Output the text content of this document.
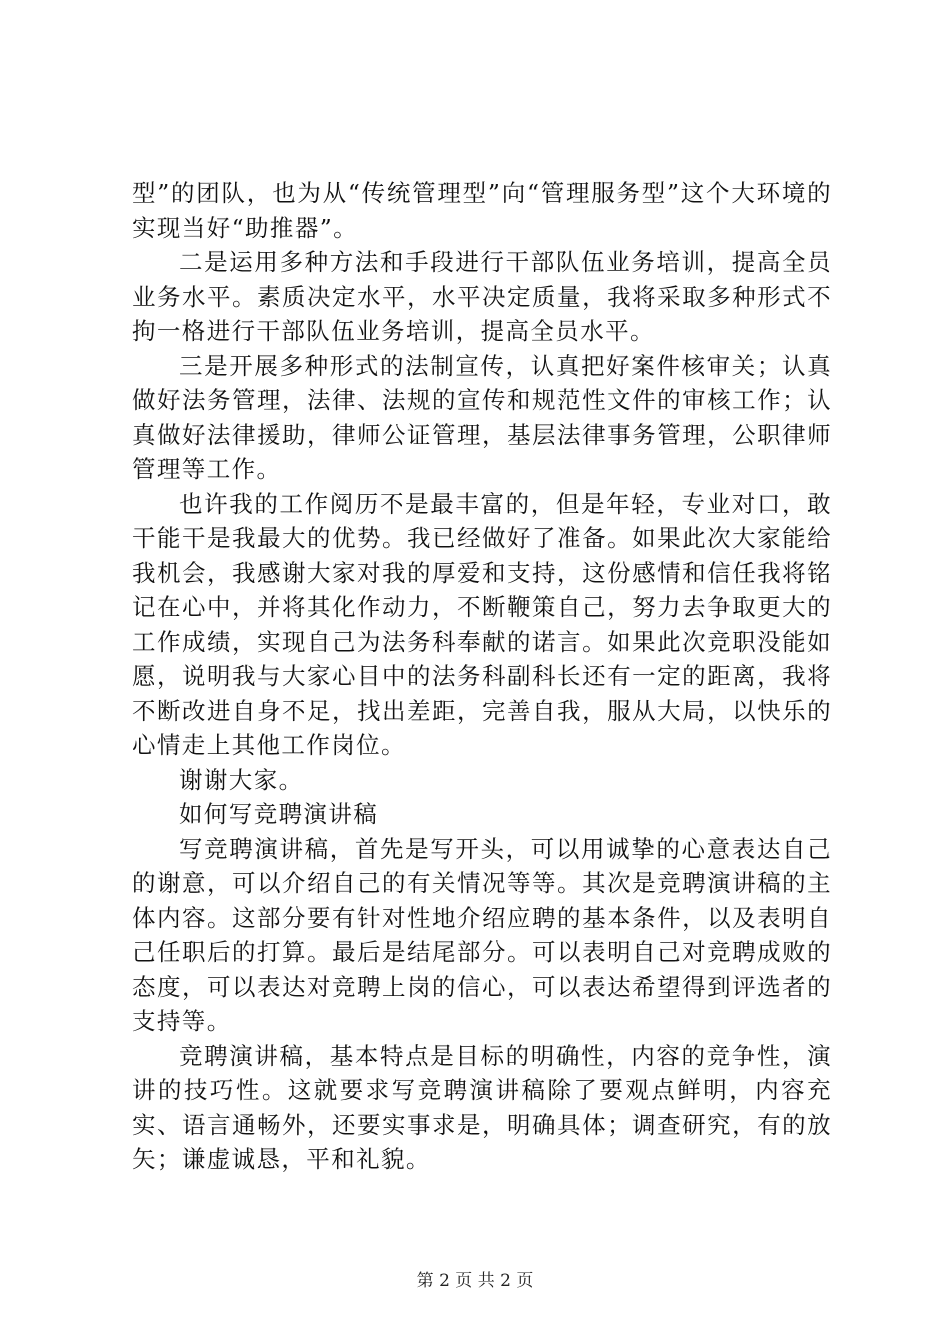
型”的团队，也为从“传统管理型”向“管理服务型”这个大环境的实现当好“助推器”。

二是运用多种方法和手段进行干部队伍业务培训，提高全员业务水平。素质决定水平，水平决定质量，我将采取多种形式不拘一格进行干部队伍业务培训，提高全员水平。

三是开展多种形式的法制宣传，认真把好案件核审关；认真做好法务管理，法律、法规的宣传和规范性文件的审核工作；认真做好法律援助，律师公证管理，基层法律事务管理，公职律师管理等工作。

也许我的工作阅历不是最丰富的，但是年轻，专业对口，敢干能干是我最大的优势。我已经做好了准备。如果此次大家能给我机会，我感谢大家对我的厚爱和支持，这份感情和信任我将铭记在心中，并将其化作动力，不断鞭策自己，努力去争取更大的工作成绩，实现自己为法务科奉献的诺言。如果此次竞职没能如愿，说明我与大家心目中的法务科副科长还有一定的距离，我将不断改进自身不足，找出差距，完善自我，服从大局，以快乐的心情走上其他工作岗位。

谢谢大家。

如何写竞聘演讲稿

写竞聘演讲稿，首先是写开头，可以用诚挚的心意表达自己的谢意，可以介绍自己的有关情况等等。其次是竞聘演讲稿的主体内容。这部分要有针对性地介绍应聘的基本条件，以及表明自己任职后的打算。最后是结尾部分。可以表明自己对竞聘成败的态度，可以表达对竞聘上岗的信心，可以表达希望得到评选者的支持等。

竞聘演讲稿，基本特点是目标的明确性，内容的竞争性，演讲的技巧性。这就要求写竞聘演讲稿除了要观点鲜明，内容充实、语言通畅外，还要实事求是，明确具体；调查研究，有的放矢；谦虚诚恳，平和礼貌。

第 2 页 共 2 页
